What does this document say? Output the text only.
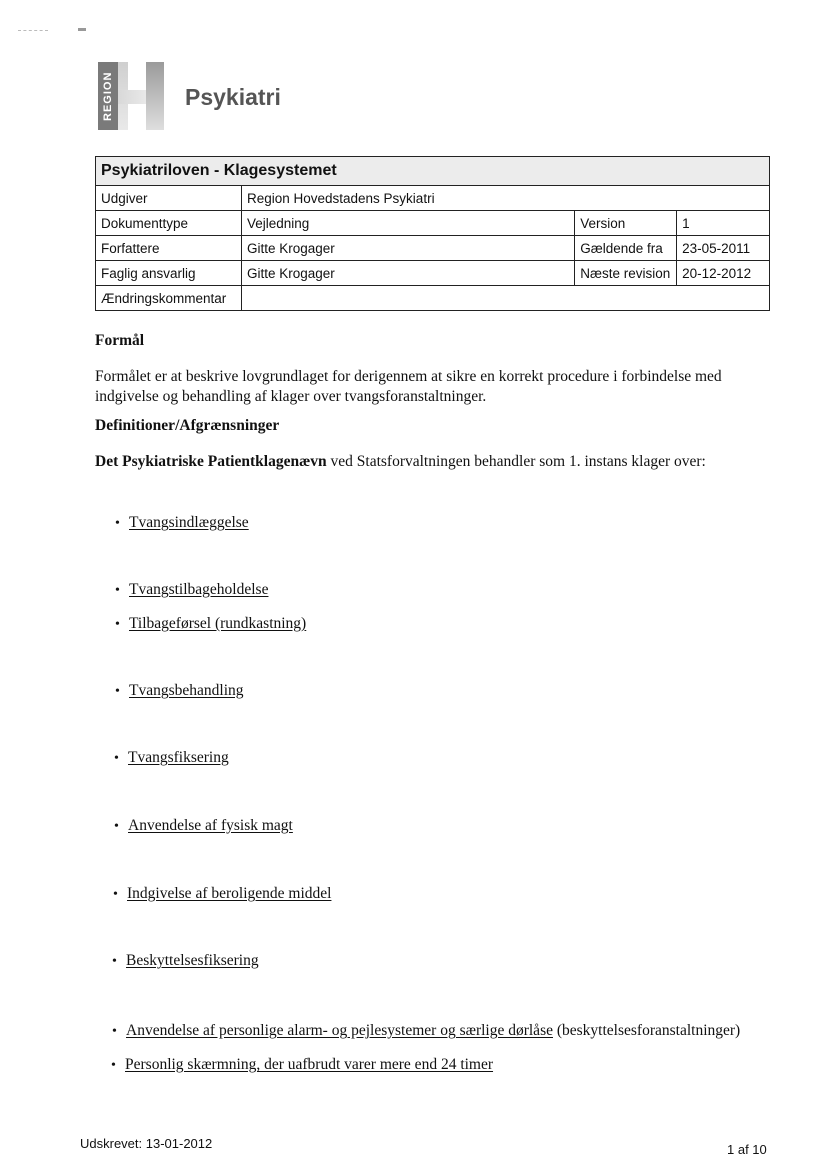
REGION	Psykiatri
Psykiatriloven - Klagesystemet			
Udgiver	Region Hovedstadens Psykiatri		
Dokumenttype	Vejledning	Version	1
Forfattere	Gitte Krogager	Gældende fra	23-05-2011
Faglig ansvarlig	Gitte Krogager	Næste revision	20-12-2012
Ændringskommentar			
Formål
Formålet er at beskrive lovgrundlaget for derigennem at sikre en korrekt procedure i forbindelse med indgivelse og behandling af klager over tvangsforanstaltninger.
Definitioner/Afgrænsninger
Det Psykiatriske Patientklagenævn ved Statsforvaltningen behandler som 1. instans klager over:
• Tvangsindlæggelse
• Tvangstilbageholdelse
• Tilbageførsel (rundkastning)
• Tvangsbehandling
• Tvangsfiksering
• Anvendelse af fysisk magt
• Indgivelse af beroligende middel
• Beskyttelsesfiksering
• Anvendelse af personlige alarm- og pejlesystemer og særlige dørlåse (beskyttelsesforanstaltninger)
• Personlig skærmning, der uafbrudt varer mere end 24 timer
Udskrevet: 13-01-2012	1 af 10
